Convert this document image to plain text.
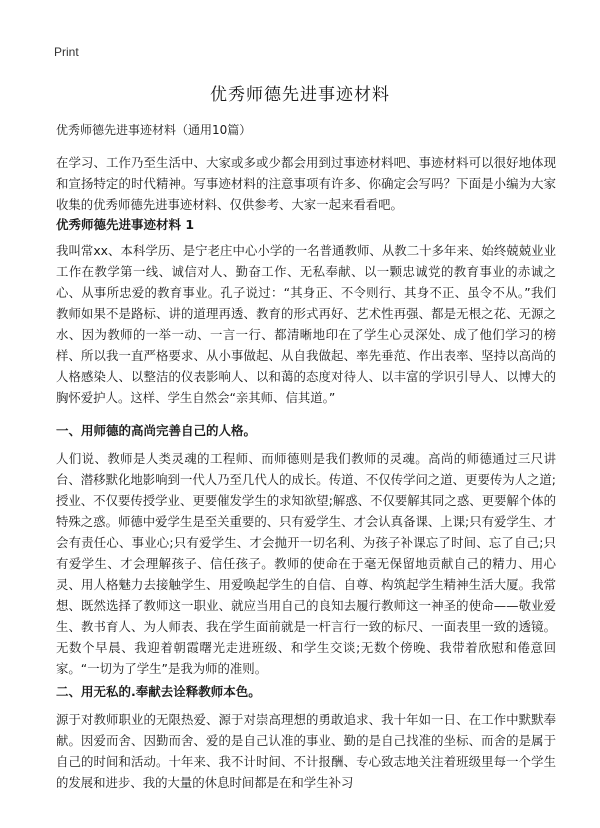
Print
优秀师德先进事迹材料
优秀师德先进事迹材料（通用10篇）

在学习、工作乃至生活中、大家或多或少都会用到过事迹材料吧、事迹材料可以很好地体现和宣扬特定的时代精神。写事迹材料的注意事项有许多、你确定会写吗？下面是小编为大家收集的优秀师德先进事迹材料、仅供参考、大家一起来看看吧。

优秀师德先进事迹材料 1

我叫常xx、本科学历、是宁老庄中心小学的一名普通教师、从教二十多年来、始终兢兢业业工作在教学第一线、诚信对人、勤奋工作、无私奉献、以一颗忠诚党的教育事业的赤诚之心、从事所忠爱的教育事业。孔子说过：“其身正、不令则行、其身不正、虽令不从。”我们教师如果不是路标、讲的道理再透、教育的形式再好、艺术性再强、都是无根之花、无源之水、因为教师的一举一动、一言一行、都清晰地印在了学生心灵深处、成了他们学习的榜样、所以我一直严格要求、从小事做起、从自我做起、率先垂范、作出表率、坚持以高尚的人格感染人、以整洁的仪表影响人、以和蔼的态度对待人、以丰富的学识引导人、以博大的胸怀爱护人。这样、学生自然会“亲其师、信其道。”

一、用师德的高尚完善自己的人格。

人们说、教师是人类灵魂的工程师、而师德则是我们教师的灵魂。高尚的师德通过三尺讲台、潜移默化地影响到一代人乃至几代人的成长。传道、不仅传学问之道、更要传为人之道;授业、不仅要传授学业、更要催发学生的求知欲望;解惑、不仅要解其同之惑、更要解个体的特殊之惑。师德中爱学生是至关重要的、只有爱学生、才会认真备课、上课;只有爱学生、才会有责任心、事业心;只有爱学生、才会抛开一切名利、为孩子补课忘了时间、忘了自己;只有爱学生、才会理解孩子、信任孩子。教师的使命在于毫无保留地贡献自己的精力、用心灵、用人格魅力去接触学生、用爱唤起学生的自信、自尊、构筑起学生精神生活大厦。我常想、既然选择了教师这一职业、就应当用自己的良知去履行教师这一神圣的使命——敬业爱生、教书育人、为人师表、我在学生面前就是一杆言行一致的标尺、一面表里一致的透镜。无数个早晨、我迎着朝霞曙光走进班级、和学生交谈;无数个傍晚、我带着欣慰和倦意回家。“一切为了学生”是我为师的准则。

二、用无私的.奉献去诠释教师本色。

源于对教师职业的无限热爱、源于对崇高理想的勇敢追求、我十年如一日、在工作中默默奉献。因爱而舍、因勤而舍、爱的是自己认准的事业、勤的是自己找准的坐标、而舍的是属于自己的时间和活动。十年来、我不计时间、不计报酬、专心致志地关注着班级里每一个学生的发展和进步、我的大量的休息时间都是在和学生补习
